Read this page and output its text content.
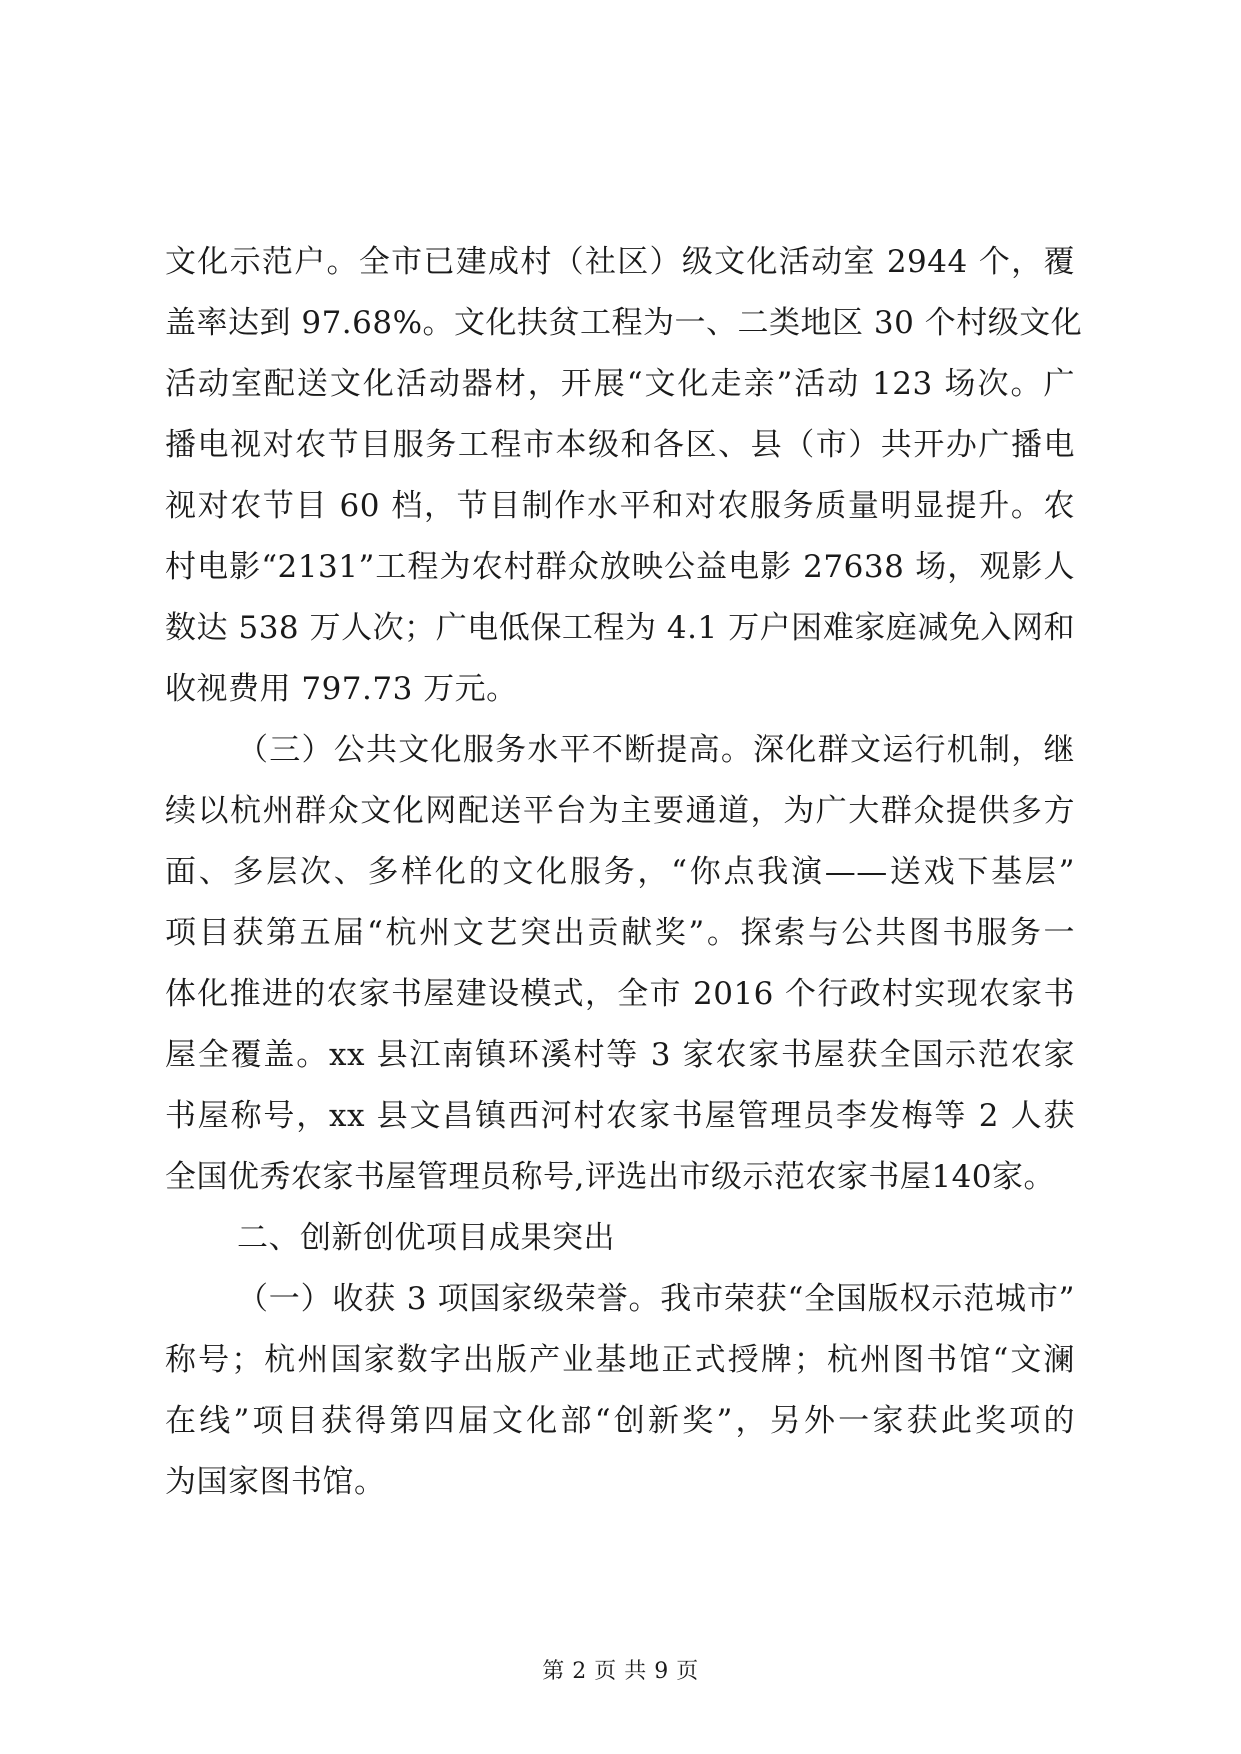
文化示范户。全市已建成村（社区）级文化活动室 2944 个，覆
盖率达到 97.68%。文化扶贫工程为一、二类地区 30 个村级文化
活动室配送文化活动器材，开展“文化走亲”活动 123 场次。广
播电视对农节目服务工程市本级和各区、县（市）共开办广播电
视对农节目 60 档，节目制作水平和对农服务质量明显提升。农
村电影“2131”工程为农村群众放映公益电影 27638 场，观影人
数达 538 万人次；广电低保工程为 4.1 万户困难家庭减免入网和
收视费用 797.73 万元。
（三）公共文化服务水平不断提高。深化群文运行机制，继
续以杭州群众文化网配送平台为主要通道，为广大群众提供多方
面、多层次、多样化的文化服务，“你点我演——送戏下基层”
项目获第五届“杭州文艺突出贡献奖”。探索与公共图书服务一
体化推进的农家书屋建设模式，全市 2016 个行政村实现农家书
屋全覆盖。xx 县江南镇环溪村等 3 家农家书屋获全国示范农家
书屋称号，xx 县文昌镇西河村农家书屋管理员李发梅等 2 人获
全国优秀农家书屋管理员称号,评选出市级示范农家书屋140家。
二、创新创优项目成果突出
（一）收获 3 项国家级荣誉。我市荣获“全国版权示范城市”
称号；杭州国家数字出版产业基地正式授牌；杭州图书馆“文澜
在线”项目获得第四届文化部“创新奖”，另外一家获此奖项的
为国家图书馆。
第 2 页 共 9 页
